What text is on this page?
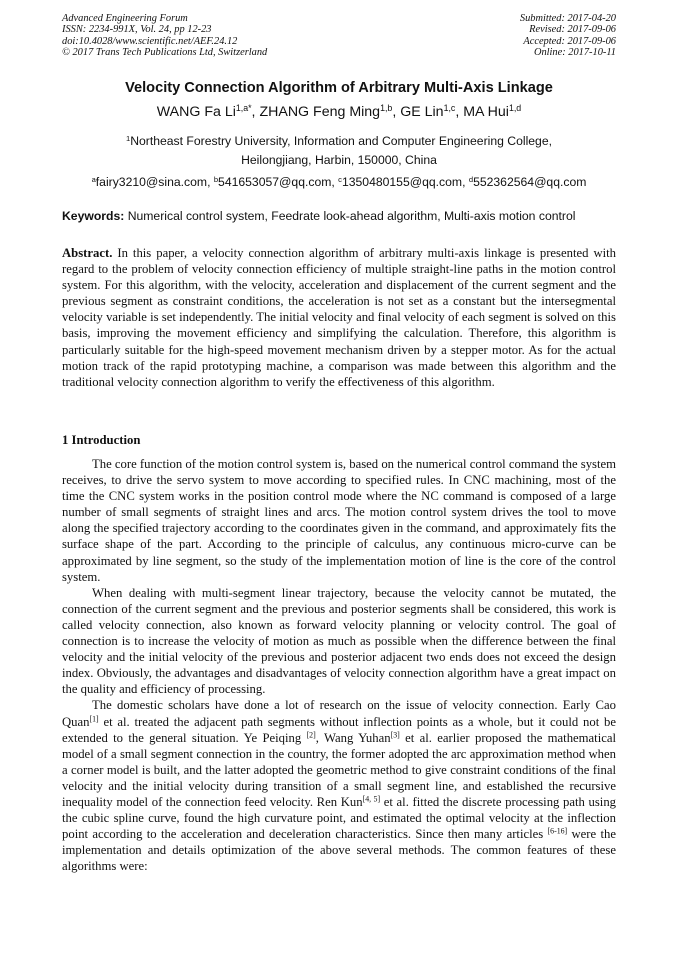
Advanced Engineering Forum
ISSN: 2234-991X, Vol. 24, pp 12-23
doi:10.4028/www.scientific.net/AEF.24.12
© 2017 Trans Tech Publications Ltd, Switzerland
Submitted: 2017-04-20
Revised: 2017-09-06
Accepted: 2017-09-06
Online: 2017-10-11
Velocity Connection Algorithm of Arbitrary Multi-Axis Linkage
WANG Fa $Li^{1,a*}$, ZHANG Feng Ming$^{1,b}$, GE Lin$^{1,c}$, MA Hui$^{1,d}$
$^1$Northeast Forestry University, Information and Computer Engineering College,
Heilongjiang, Harbin, 150000, China
$^a$fairy3210@sina.com, $^b$541653057@qq.com, $^c$1350480155@qq.com, $^d$552362564@qq.com
Keywords: Numerical control system, Feedrate look-ahead algorithm, Multi-axis motion control
Abstract. In this paper, a velocity connection algorithm of arbitrary multi-axis linkage is presented with regard to the problem of velocity connection efficiency of multiple straight-line paths in the motion control system. For this algorithm, with the velocity, acceleration and displacement of the current segment and the previous segment as constraint conditions, the acceleration is not set as a constant but the intersegmental velocity variable is set independently. The initial velocity and final velocity of each segment is solved on this basis, improving the movement efficiency and simplifying the calculation. Therefore, this algorithm is particularly suitable for the high-speed movement mechanism driven by a stepper motor. As for the actual motion track of the rapid prototyping machine, a comparison was made between this algorithm and the traditional velocity connection algorithm to verify the effectiveness of this algorithm.
1 Introduction

The core function of the motion control system is, based on the numerical control command the system receives, to drive the servo system to move according to specified rules. In CNC machining, most of the time the CNC system works in the position control mode where the NC command is composed of a large number of small segments of straight lines and arcs. The motion control system drives the tool to move along the specified trajectory according to the coordinates given in the command, and approximately fits the surface shape of the part. According to the principle of calculus, any continuous micro-curve can be approximated by line segment, so the study of the implementation motion of line is the core of the control system.

When dealing with multi-segment linear trajectory, because the velocity cannot be mutated, the connection of the current segment and the previous and posterior segments shall be considered, this work is called velocity connection, also known as forward velocity planning or velocity control. The goal of connection is to increase the velocity of motion as much as possible when the difference between the final velocity and the initial velocity of the previous and posterior adjacent two ends does not exceed the design index. Obviously, the advantages and disadvantages of velocity connection algorithm have a great impact on the quality and efficiency of processing.

The domestic scholars have done a lot of research on the issue of velocity connection. Early Cao Quan[1] et al. treated the adjacent path segments without inflection points as a whole, but it could not be extended to the general situation. Ye Peiqing [2], Wang Yuhan[3] et al. earlier proposed the mathematical model of a small segment connection in the country, the former adopted the arc approximation method when a corner model is built, and the latter adopted the geometric method to give constraint conditions of the final velocity and the initial velocity during transition of a small segment line, and established the recursive inequality model of the connection feed velocity. Ren Kun[4, 5] et al. fitted the discrete processing path using the cubic spline curve, found the high curvature point, and estimated the optimal velocity at the inflection point according to the acceleration and deceleration characteristics. Since then many articles [6-16] were the implementation and details optimization of the above several methods. The common features of these algorithms were:
